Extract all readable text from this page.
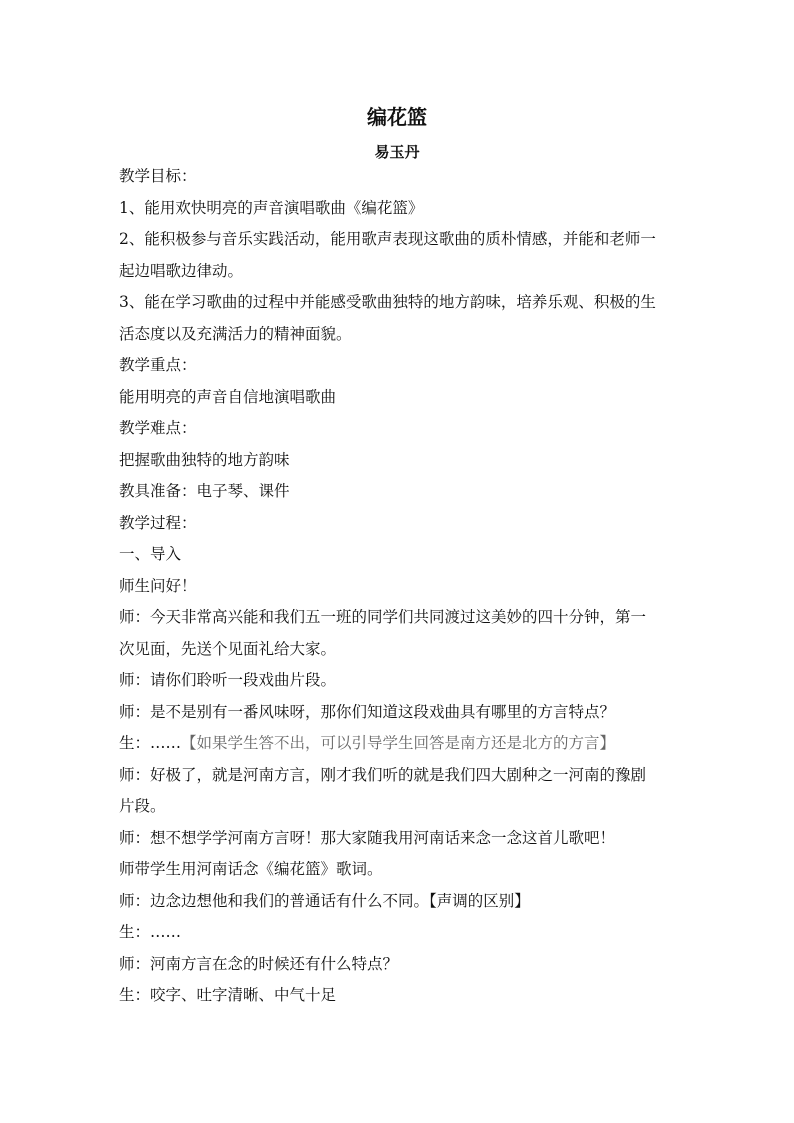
编花篮
易玉丹
教学目标：
1、能用欢快明亮的声音演唱歌曲《编花篮》
2、能积极参与音乐实践活动，能用歌声表现这歌曲的质朴情感，并能和老师一
起边唱歌边律动。
3、能在学习歌曲的过程中并能感受歌曲独特的地方韵味，培养乐观、积极的生
活态度以及充满活力的精神面貌。
教学重点：
能用明亮的声音自信地演唱歌曲
教学难点：
把握歌曲独特的地方韵味
教具准备：电子琴、课件
教学过程：
一、导入
师生问好！
师：今天非常高兴能和我们五一班的同学们共同渡过这美妙的四十分钟，第一
次见面，先送个见面礼给大家。
师：请你们聆听一段戏曲片段。
师：是不是别有一番风味呀，那你们知道这段戏曲具有哪里的方言特点？
生：……【如果学生答不出，可以引导学生回答是南方还是北方的方言】
师：好极了，就是河南方言，刚才我们听的就是我们四大剧种之一河南的豫剧
片段。
师：想不想学学河南方言呀！那大家随我用河南话来念一念这首儿歌吧！
师带学生用河南话念《编花篮》歌词。
师：边念边想他和我们的普通话有什么不同。【声调的区别】
生：……
师：河南方言在念的时候还有什么特点？
生：咬字、吐字清晰、中气十足
